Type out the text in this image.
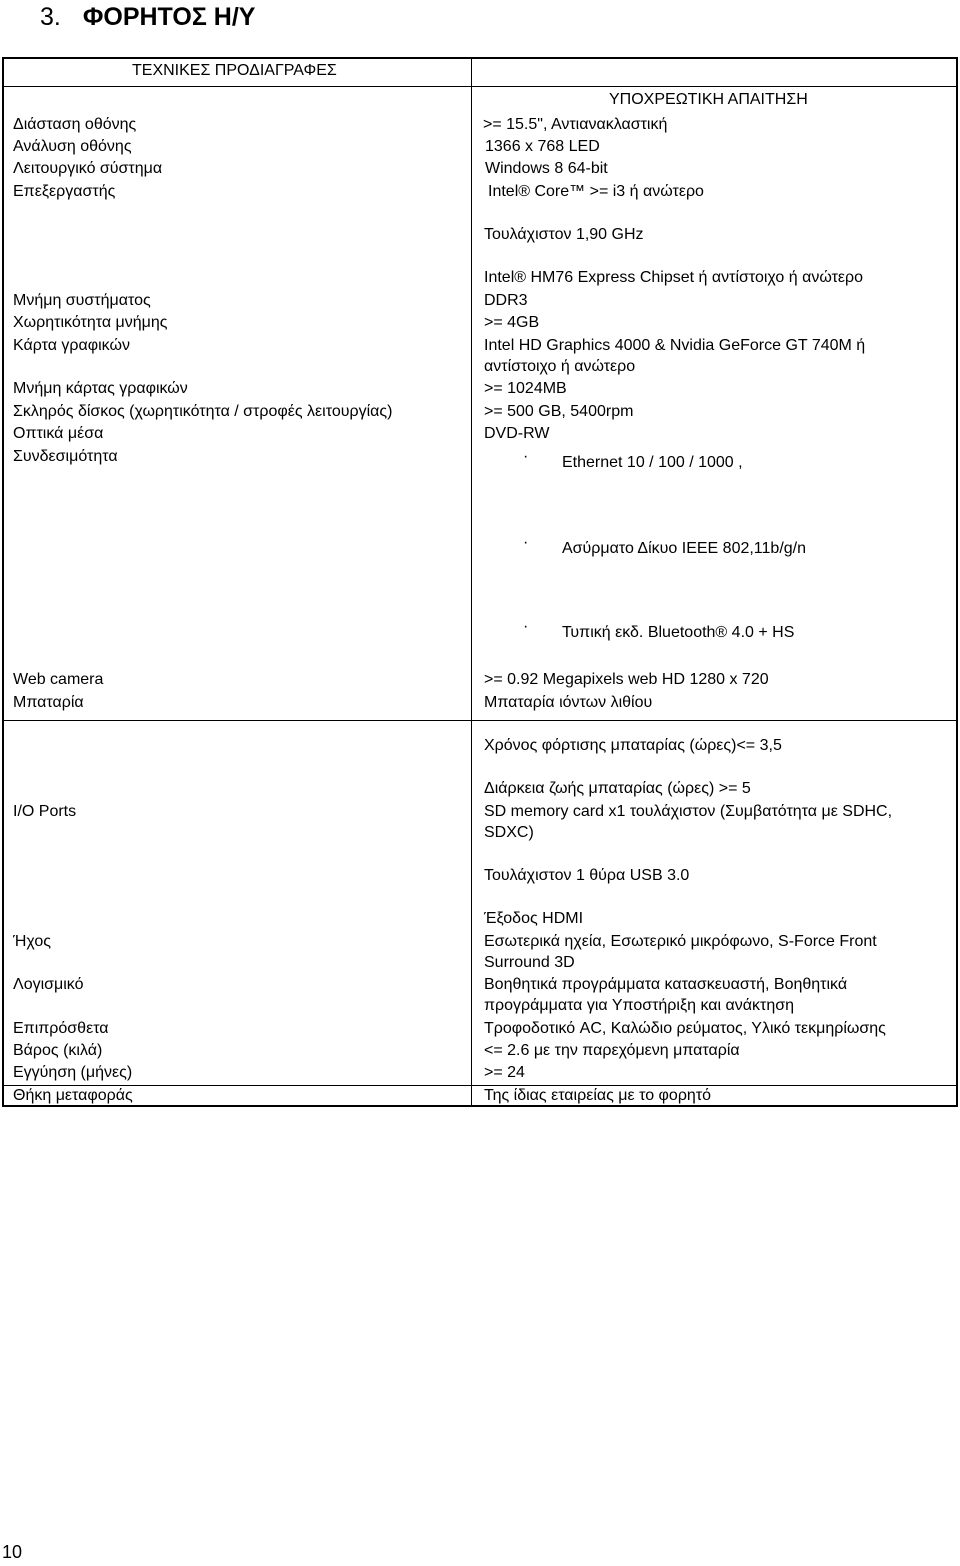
3. ΦΟΡΗΤΟΣ Η/Υ
ΤΕΧΝΙΚΕΣ ΠΡΟΔΙΑΓΡΑΦΕΣ
ΥΠΟΧΡΕΩΤΙΚΗ ΑΠΑΙΤΗΣΗ
Διάσταση οθόνης
Ανάλυση οθόνης
Λειτουργικό σύστημα
Επεξεργαστής
Μνήμη συστήματος
Χωρητικότητα μνήμης
Κάρτα γραφικών
Μνήμη κάρτας γραφικών
Σκληρός δίσκος (χωρητικότητα / στροφές λειτουργίας)
Οπτικά μέσα
Συνδεσιμότητα
Web camera
Μπαταρία
I/O Ports
Ήχος
Λογισμικό
Επιπρόσθετα
Βάρος (κιλά)
Εγγύηση (μήνες)
Θήκη μεταφοράς
>= 15.5", Αντιανακλαστική
1366 x 768 LED
Windows 8 64-bit
Intel® Core™ >= i3 ή ανώτερο
Τουλάχιστον 1,90 GHz
Intel® HM76 Express Chipset ή αντίστοιχο ή ανώτερο
DDR3
>= 4GB
Intel HD Graphics 4000 & Nvidia GeForce GT 740M ή
αντίστοιχο ή ανώτερο
>= 1024MB
>= 500 GB, 5400rpm
DVD-RW
· Ethernet 10 / 100 / 1000 ,
· Ασύρματο Δίκυο IEEE 802,11b/g/n
· Τυπική εκδ. Bluetooth® 4.0 + HS
>= 0.92 Megapixels web HD 1280 x 720
Μπαταρία ιόντων λιθίου
Χρόνος φόρτισης μπαταρίας (ώρες)<= 3,5
Διάρκεια ζωής μπαταρίας (ώρες) >= 5
SD memory card x1 τουλάχιστον (Συμβατότητα με SDHC,
SDXC)
Τουλάχιστον 1 θύρα USB 3.0
Έξοδος HDMI
Εσωτερικά ηχεία, Εσωτερικό μικρόφωνο, S-Force Front
Surround 3D
Βοηθητικά προγράμματα κατασκευαστή, Βοηθητικά
προγράμματα για Υποστήριξη και ανάκτηση
Τροφοδοτικό AC, Καλώδιο ρεύματος, Υλικό τεκμηρίωσης
<= 2.6 με την παρεχόμενη μπαταρία
>= 24
Της ίδιας εταιρείας με το φορητό
10
